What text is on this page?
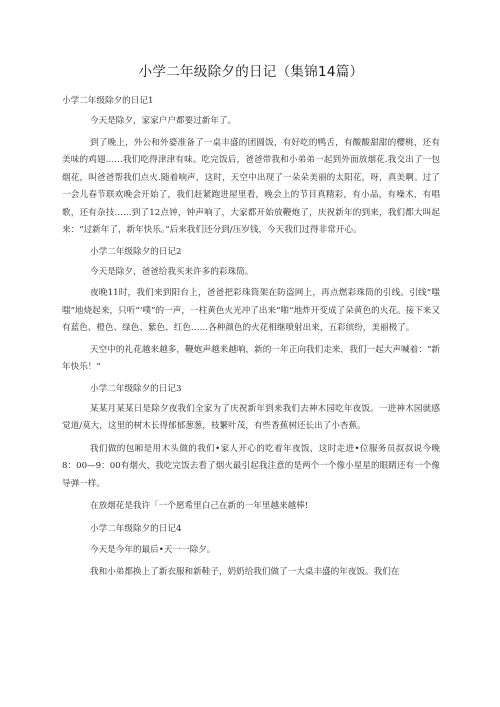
小学二年级除夕的日记（集锦14篇）
小学二年级除夕的日记1

今天是除夕，家家户户都要过新年了。

到了晚上，外公和外婆准备了一桌丰盛的团圆饭，有好吃的鸭舌，有酸酸甜甜的樱桃，还有美味的鸡翅……我们吃得津津有味。吃完饭后，爸爸带我和小弟弟一起到外面放烟花.我交出了一包烟花，叫爸爸帮我们点火.随着响声，这时，天空中出现了一朵朵美丽的太阳花，呀，真美啊。过了一会儿春节联欢晚会开始了，我们赶紧跑进屋里看，晚会上的节目真精彩，有小品，有噪术，有唱歌，还有杂技……到了12点钟，钟声响了，大家都开始放鞭炮了，庆祝新年的到来，我们都大叫起来：“过新年了，新年快乐。”后来我们还分到/压岁钱，今天我们过得非常开心。

小学二年级除夕的日记2

今天是除夕，爸爸给我买来许多的彩珠筒。

夜晚11时，我们来到阳台上，爸爸把彩珠筒架在防盗网上，再点燃彩珠筒的引线。引线“嗤嗤”地烧起来，只听“‘噗”的一声，一柱黄色火光冲了出来“啪”地炸开变成了朵黄色的火花。接下来又有蓝色、橙色、绿色、紫色、红色……各种颜色的火花相继喷射出来，五彩缤纷，美丽极了。

天空中的礼花越来越多，鞭炮声越来越响，新的一年正向我们走来，我们一起大声喊着：“新年快乐！”

小学二年级除夕的日记3

某某月某某日是除夕夜我们全家为了庆祝新年到来我们去神木园吃年夜饭。一进神木园就感觉道/莫大，这里的树木长得郁郁葱葱，枝繁叶茂，有些香蕉树还长出了小杏蕉。

我们做的包厢是用木头做的我们•家人开心的吃着年夜饭，这时走进•位服务员叔叔说今晚8：00—9：00有烟火，我吃完饭去看了烟火最引起我注意的是两个一个像小星星的眼睛还有一个像导弹一样。

在放烟花是我许「一个愿希里白己在新的一年里越来越棒!

小学二年级除夕的日记4

今天是今年的最后•天一一除夕。

我和小弟都换上了新衣服和新鞋子，奶奶给我们做了一大桌丰盛的年夜饭。我们在
